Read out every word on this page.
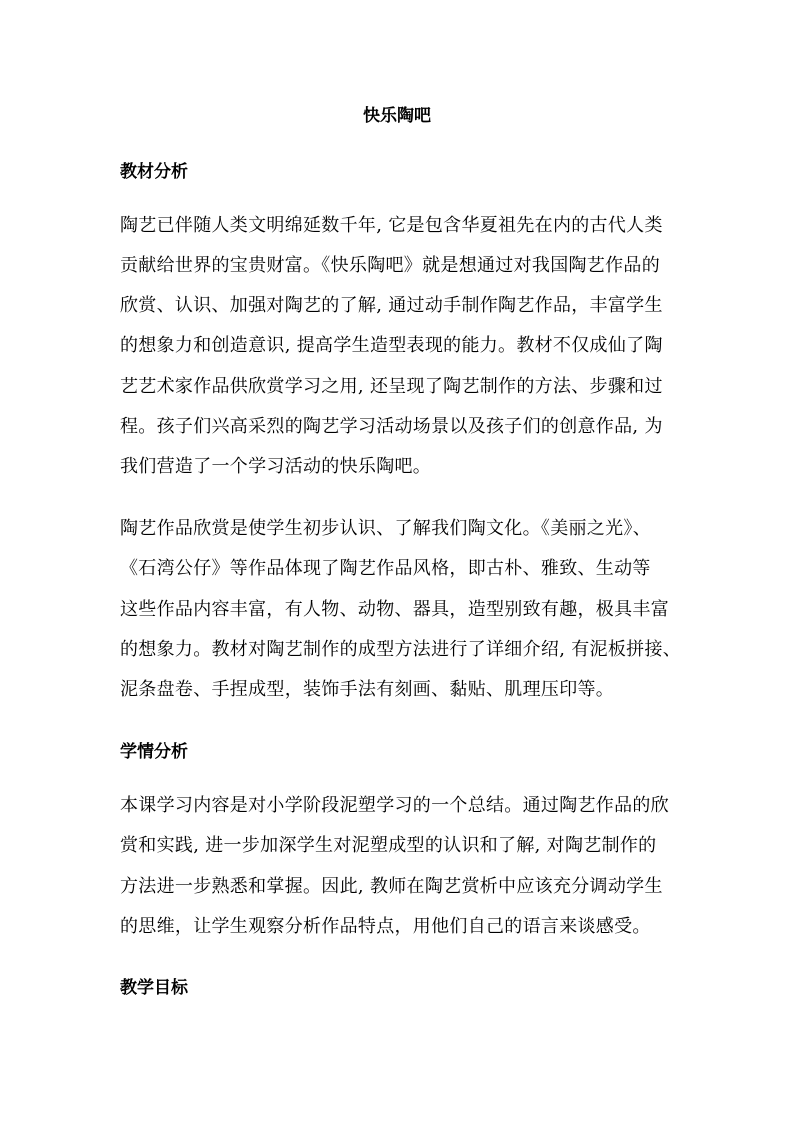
快乐陶吧
教材分析
陶艺已伴随人类文明绵延数千年, 它是包含华夏祖先在内的古代人类
贡献给世界的宝贵财富。《快乐陶吧》就是想通过对我国陶艺作品的
欣赏、认识、加强对陶艺的了解, 通过动手制作陶艺作品，丰富学生
的想象力和创造意识, 提高学生造型表现的能力。教材不仅成仙了陶
艺艺术家作品供欣赏学习之用, 还呈现了陶艺制作的方法、步骤和过
程。孩子们兴高采烈的陶艺学习活动场景以及孩子们的创意作品, 为
我们营造了一个学习活动的快乐陶吧。
陶艺作品欣赏是使学生初步认识、了解我们陶文化。《美丽之光》、
《石湾公仔》等作品体现了陶艺作品风格，即古朴、雅致、生动等
这些作品内容丰富，有人物、动物、器具，造型别致有趣，极具丰富
的想象力。教材对陶艺制作的成型方法进行了详细介绍, 有泥板拼接、
泥条盘卷、手捏成型，装饰手法有刻画、黏贴、肌理压印等。
学情分析
本课学习内容是对小学阶段泥塑学习的一个总结。通过陶艺作品的欣
赏和实践, 进一步加深学生对泥塑成型的认识和了解, 对陶艺制作的
方法进一步熟悉和掌握。因此, 教师在陶艺赏析中应该充分调动学生
的思维，让学生观察分析作品特点，用他们自己的语言来谈感受。
教学目标
